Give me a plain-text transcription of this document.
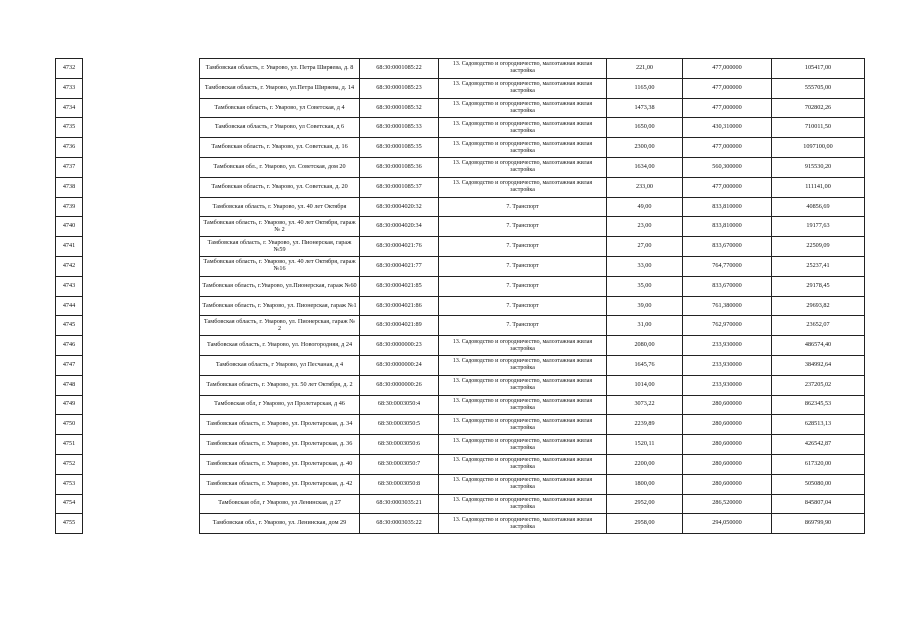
4732		Тамбовская область, г. Уварово, ул. Петра Ширяева, д. 8	68:30:0001085:22	13. Садоводство и огородничество, малоэтажная жилая застройка	221,00	477,000000	105417,00
4733		Тамбовская область, г. Уварово, ул.Петра Ширяева, д. 14	68:30:0001085:23	13. Садоводство и огородничество, малоэтажная жилая застройка	1165,00	477,000000	555705,00
4734		Тамбовская область, г. Уварово, ул Советская, д 4	68:30:0001085:32	13. Садоводство и огородничество, малоэтажная жилая застройка	1473,38	477,000000	702802,26
4735		Тамбовская область, г Уварово, ул Советская, д 6	68:30:0001085:33	13. Садоводство и огородничество, малоэтажная жилая застройка	1650,00	430,310000	710011,50
4736		Тамбовская область, г. Уварово, ул. Советская, д. 16	68:30:0001085:35	13. Садоводство и огородничество, малоэтажная жилая застройка	2300,00	477,000000	1097100,00
4737		Тамбовская обл., г. Уварово, ул. Советская, дом 20	68:30:0001085:36	13. Садоводство и огородничество, малоэтажная жилая застройка	1634,00	560,300000	915530,20
4738		Тамбовская область, г. Уварово, ул. Советская, д. 20	68:30:0001085:37	13. Садоводство и огородничество, малоэтажная жилая застройка	233,00	477,000000	111141,00
4739		Тамбовская область, г. Уварово, ул. 40 лет Октября	68:30:0004020:32	7. Транспорт	49,00	833,810000	40856,69
4740		Тамбовская область, г. Уварово, ул. 40 лет Октября, гараж № 2	68:30:0004020:34	7. Транспорт	23,00	833,810000	19177,63
4741		Тамбовская область, г. Уварово, ул. Пионерская, гараж №59	68:30:0004021:76	7. Транспорт	27,00	833,670000	22509,09
4742		Тамбовская область, г. Уварово, ул. 40 лет Октября, гараж №16	68:30:0004021:77	7. Транспорт	33,00	764,770000	25237,41
4743		Тамбовская область, г.Уварово, ул.Пионерская, гараж №60	68:30:0004021:85	7. Транспорт	35,00	833,670000	29178,45
4744		Тамбовская область, г. Уварово, ул. Пионерская, гараж №1	68:30:0004021:86	7. Транспорт	39,00	761,380000	29693,82
4745		Тамбовская область, г. Уварово, ул. Пионерская, гараж № 2	68:30:0004021:89	7. Транспорт	31,00	762,970000	23652,07
4746		Тамбовская область, г. Уварово, ул. Новогородняя, д 24	68:30:0000000:23	13. Садоводство и огородничество, малоэтажная жилая застройка	2080,00	233,930000	486574,40
4747		Тамбовская область, г Уварово, ул Песчаная, д 4	68:30:0000000:24	13. Садоводство и огородничество, малоэтажная жилая застройка	1645,76	233,930000	384992,64
4748		Тамбовская область, г. Уварово, ул. 50 лет Октября, д. 2	68:30:0000000:26	13. Садоводство и огородничество, малоэтажная жилая застройка	1014,00	233,930000	237205,02
4749		Тамбовская обл, г Уварово, ул Пролетарская, д 46	68:30:0003050:4	13. Садоводство и огородничество, малоэтажная жилая застройка	3073,22	280,600000	862345,53
4750		Тамбовская область, г. Уварово, ул. Пролетарская, д. 34	68:30:0003050:5	13. Садоводство и огородничество, малоэтажная жилая застройка	2239,89	280,600000	628513,13
4751		Тамбовская область, г. Уварово, ул. Пролетарская, д. 36	68:30:0003050:6	13. Садоводство и огородничество, малоэтажная жилая застройка	1520,11	280,600000	426542,87
4752		Тамбовская область, г. Уварово, ул. Пролетарская, д. 40	68:30:0003050:7	13. Садоводство и огородничество, малоэтажная жилая застройка	2200,00	280,600000	617320,00
4753		Тамбовская область, г. Уварово, ул. Пролетарская, д. 42	68:30:0003050:8	13. Садоводство и огородничество, малоэтажная жилая застройка	1800,00	280,600000	505080,00
4754		Тамбовская обл, г Уварово, ул Ленинская, д 27	68:30:0003035:21	13. Садоводство и огородничество, малоэтажная жилая застройка	2952,00	286,520000	845807,04
4755		Тамбовская обл., г. Уварово, ул. Ленинская, дом 29	68:30:0003035:22	13. Садоводство и огородничество, малоэтажная жилая застройка	2958,00	294,050000	869799,90
